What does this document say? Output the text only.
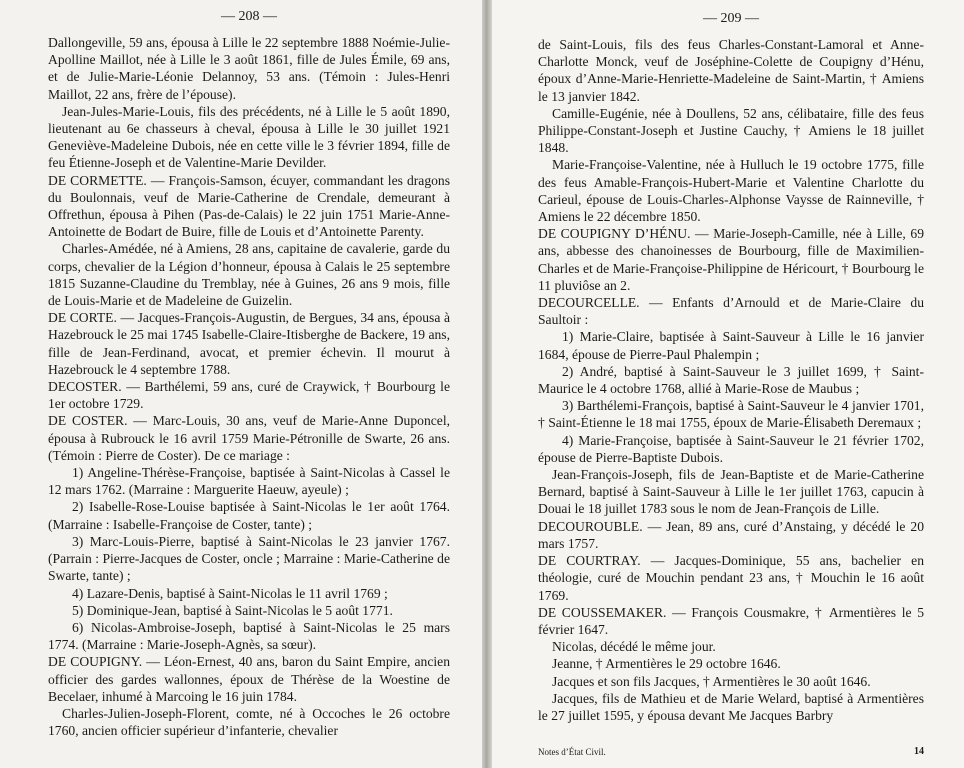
— 208 —

Dallongeville, 59 ans, épousa à Lille le 22 septembre 1888 Noémie-Julie-Apolline Maillot, née à Lille le 3 août 1861, fille de Jules Émile, 69 ans, et de Julie-Marie-Léonie Delannoy, 53 ans. (Témoin : Jules-Henri Maillot, 22 ans, frère de l’épouse).

Jean-Jules-Marie-Louis, fils des précédents, né à Lille le 5 août 1890, lieutenant au 6e chasseurs à cheval, épousa à Lille le 30 juillet 1921 Geneviève-Madeleine Dubois, née en cette ville le 3 février 1894, fille de feu Étienne-Joseph et de Valentine-Marie Devilder.

DE CORMETTE. — François-Samson, écuyer, commandant les dragons du Boulonnais, veuf de Marie-Catherine de Crendale, demeurant à Offrethun, épousa à Pihen (Pas-de-Calais) le 22 juin 1751 Marie-Anne-Antoinette de Bodart de Buire, fille de Louis et d’Antoinette Parenty.

Charles-Amédée, né à Amiens, 28 ans, capitaine de cavalerie, garde du corps, chevalier de la Légion d’honneur, épousa à Calais le 25 septembre 1815 Suzanne-Claudine du Tremblay, née à Guines, 26 ans 9 mois, fille de Louis-Marie et de Madeleine de Guizelin.

DE CORTE. — Jacques-François-Augustin, de Bergues, 34 ans, épousa à Hazebrouck le 25 mai 1745 Isabelle-Claire-Itisberghe de Backere, 19 ans, fille de Jean-Ferdinand, avocat, et premier échevin. Il mourut à Hazebrouck le 4 septembre 1788.

DECOSTER. — Barthélemi, 59 ans, curé de Craywick, † Bourbourg le 1er octobre 1729.

DE COSTER. — Marc-Louis, 30 ans, veuf de Marie-Anne Duponcel, épousa à Rubrouck le 16 avril 1759 Marie-Pétronille de Swarte, 26 ans. (Témoin : Pierre de Coster). De ce mariage :

1) Angeline-Thérèse-Françoise, baptisée à Saint-Nicolas à Cassel le 12 mars 1762. (Marraine : Marguerite Haeuw, ayeule) ;

2) Isabelle-Rose-Louise baptisée à Saint-Nicolas le 1er août 1764. (Marraine : Isabelle-Françoise de Coster, tante) ;

3) Marc-Louis-Pierre, baptisé à Saint-Nicolas le 23 janvier 1767. (Parrain : Pierre-Jacques de Coster, oncle ; Marraine : Marie-Catherine de Swarte, tante) ;

4) Lazare-Denis, baptisé à Saint-Nicolas le 11 avril 1769 ;

5) Dominique-Jean, baptisé à Saint-Nicolas le 5 août 1771.

6) Nicolas-Ambroise-Joseph, baptisé à Saint-Nicolas le 25 mars 1774. (Marraine : Marie-Joseph-Agnès, sa sœur).

DE COUPIGNY. — Léon-Ernest, 40 ans, baron du Saint Empire, ancien officier des gardes wallonnes, époux de Thérèse de la Woestine de Becelaer, inhumé à Marcoing le 16 juin 1784.

Charles-Julien-Joseph-Florent, comte, né à Occoches le 26 octobre 1760, ancien officier supérieur d’infanterie, chevalier

— 209 —

de Saint-Louis, fils des feus Charles-Constant-Lamoral et Anne-Charlotte Monck, veuf de Joséphine-Colette de Coupigny d’Hénu, époux d’Anne-Marie-Henriette-Madeleine de Saint-Martin, † Amiens le 13 janvier 1842.

Camille-Eugénie, née à Doullens, 52 ans, célibataire, fille des feus Philippe-Constant-Joseph et Justine Cauchy, † Amiens le 18 juillet 1848.

Marie-Françoise-Valentine, née à Hulluch le 19 octobre 1775, fille des feus Amable-François-Hubert-Marie et Valentine Charlotte du Carieul, épouse de Louis-Charles-Alphonse Vaysse de Rainneville, † Amiens le 22 décembre 1850.

DE COUPIGNY D’HÉNU. — Marie-Joseph-Camille, née à Lille, 69 ans, abbesse des chanoinesses de Bourbourg, fille de Maximilien-Charles et de Marie-Françoise-Philippine de Héricourt, † Bourbourg le 11 pluviôse an 2.

DECOURCELLE. — Enfants d’Arnould et de Marie-Claire du Saultoir :

1) Marie-Claire, baptisée à Saint-Sauveur à Lille le 16 janvier 1684, épouse de Pierre-Paul Phalempin ;

2) André, baptisé à Saint-Sauveur le 3 juillet 1699, † Saint-Maurice le 4 octobre 1768, allié à Marie-Rose de Maubus ;

3) Barthélemi-François, baptisé à Saint-Sauveur le 4 janvier 1701, † Saint-Étienne le 18 mai 1755, époux de Marie-Élisabeth Deremaux ;

4) Marie-Françoise, baptisée à Saint-Sauveur le 21 février 1702, épouse de Pierre-Baptiste Dubois.

Jean-François-Joseph, fils de Jean-Baptiste et de Marie-Catherine Bernard, baptisé à Saint-Sauveur à Lille le 1er juillet 1763, capucin à Douai le 18 juillet 1783 sous le nom de Jean-François de Lille.

DECOUROUBLE. — Jean, 89 ans, curé d’Anstaing, y décédé le 20 mars 1757.

DE COURTRAY. — Jacques-Dominique, 55 ans, bachelier en théologie, curé de Mouchin pendant 23 ans, † Mouchin le 16 août 1769.

DE COUSSEMAKER. — François Cousmakre, † Armentières le 5 février 1647.

Nicolas, décédé le même jour.

Jeanne, † Armentières le 29 octobre 1646.

Jacques et son fils Jacques, † Armentières le 30 août 1646.

Jacques, fils de Mathieu et de Marie Welard, baptisé à Armentières le 27 juillet 1595, y épousa devant Me Jacques Barbry

Notes d’État Civil.	14
